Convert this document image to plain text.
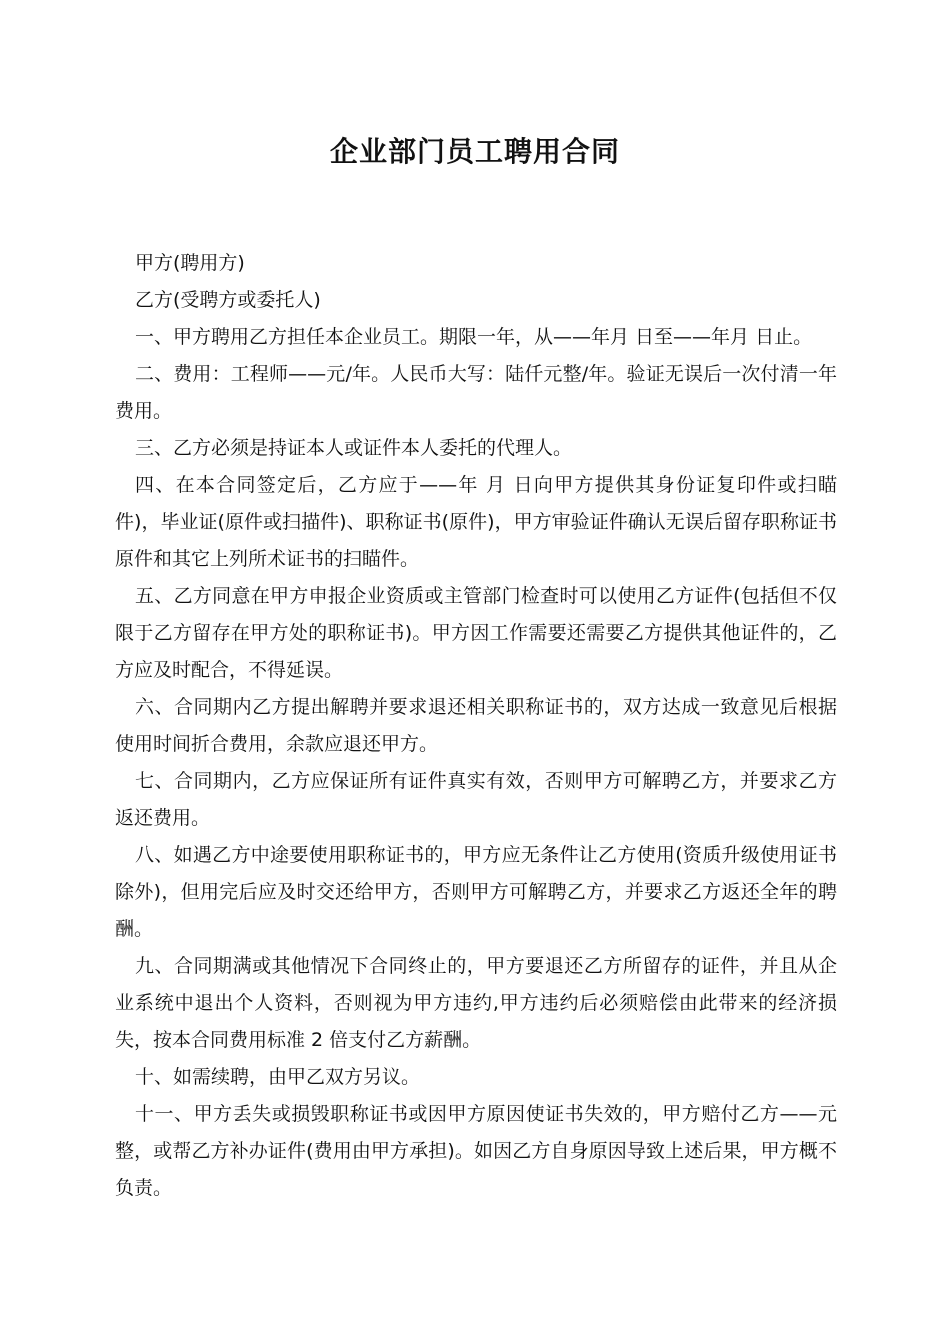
企业部门员工聘用合同

甲方(聘用方)

乙方(受聘方或委托人)

一、甲方聘用乙方担任本企业员工。期限一年，从——年月 日至——年月 日止。

二、费用：工程师——元/年。人民币大写：陆仟元整/年。验证无误后一次付清一年费用。

三、乙方必须是持证本人或证件本人委托的代理人。

四、在本合同签定后，乙方应于——年 月 日向甲方提供其身份证复印件或扫瞄件)，毕业证(原件或扫描件)、职称证书(原件)，甲方审验证件确认无误后留存职称证书原件和其它上列所术证书的扫瞄件。

五、乙方同意在甲方申报企业资质或主管部门检查时可以使用乙方证件(包括但不仅限于乙方留存在甲方处的职称证书)。甲方因工作需要还需要乙方提供其他证件的，乙方应及时配合，不得延误。

六、合同期内乙方提出解聘并要求退还相关职称证书的，双方达成一致意见后根据使用时间折合费用，余款应退还甲方。

七、合同期内，乙方应保证所有证件真实有效，否则甲方可解聘乙方，并要求乙方返还费用。

八、如遇乙方中途要使用职称证书的，甲方应无条件让乙方使用(资质升级使用证书除外)，但用完后应及时交还给甲方，否则甲方可解聘乙方，并要求乙方返还全年的聘酬。

九、合同期满或其他情况下合同终止的，甲方要退还乙方所留存的证件，并且从企业系统中退出个人资料，否则视为甲方违约,甲方违约后必须赔偿由此带来的经济损失，按本合同费用标准 2 倍支付乙方薪酬。

十、如需续聘，由甲乙双方另议。

十一、甲方丢失或损毁职称证书或因甲方原因使证书失效的，甲方赔付乙方——元整，或帮乙方补办证件(费用由甲方承担)。如因乙方自身原因导致上述后果，甲方概不负责。
